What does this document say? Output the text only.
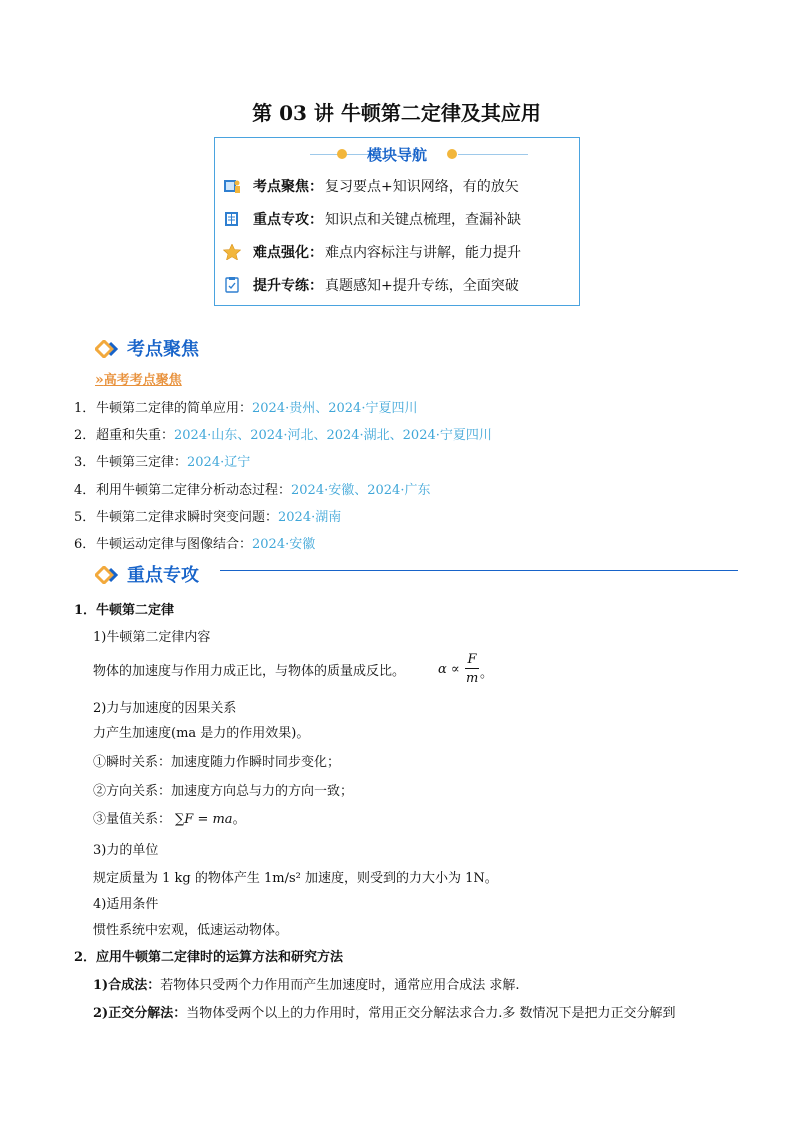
第 03 讲 牛顿第二定律及其应用
模块导航
考点聚焦： 复习要点+知识网络，有的放矢
重点专攻： 知识点和关键点梳理，查漏补缺
难点强化： 难点内容标注与讲解，能力提升
提升专练： 真题感知+提升专练，全面突破
考点聚焦
»高考考点聚焦
1．牛顿第二定律的简单应用：2024·贵州、2024·宁夏四川
2．超重和失重：2024·山东、2024·河北、2024·湖北、2024·宁夏四川
3．牛顿第三定律：2024·辽宁
4．利用牛顿第二定律分析动态过程：2024·安徽、2024·广东
5．牛顿第二定律求瞬时突变问题：2024·湖南
6．牛顿运动定律与图像结合：2024·安徽
重点专攻
1．牛顿第二定律
1)牛顿第二定律内容
物体的加速度与作用力成正比，与物体的质量成反比。	α ∝
F
m 。
2)力与加速度的因果关系
力产生加速度(ma 是力的作用效果)。
①瞬时关系：加速度随力作瞬时同步变化；
②方向关系：加速度方向总与力的方向一致；
③量值关系： ∑F = ma。
3)力的单位
规定质量为 1 kg 的物体产生 1m/s² 加速度，则受到的力大小为 1N。
4)适用条件
惯性系统中宏观，低速运动物体。
2．应用牛顿第二定律时的运算方法和研究方法
1)合成法：若物体只受两个力作用而产生加速度时，通常应用合成法 求解.
2)正交分解法：当物体受两个以上的力作用时，常用正交分解法求合力.多 数情况下是把力正交分解到
